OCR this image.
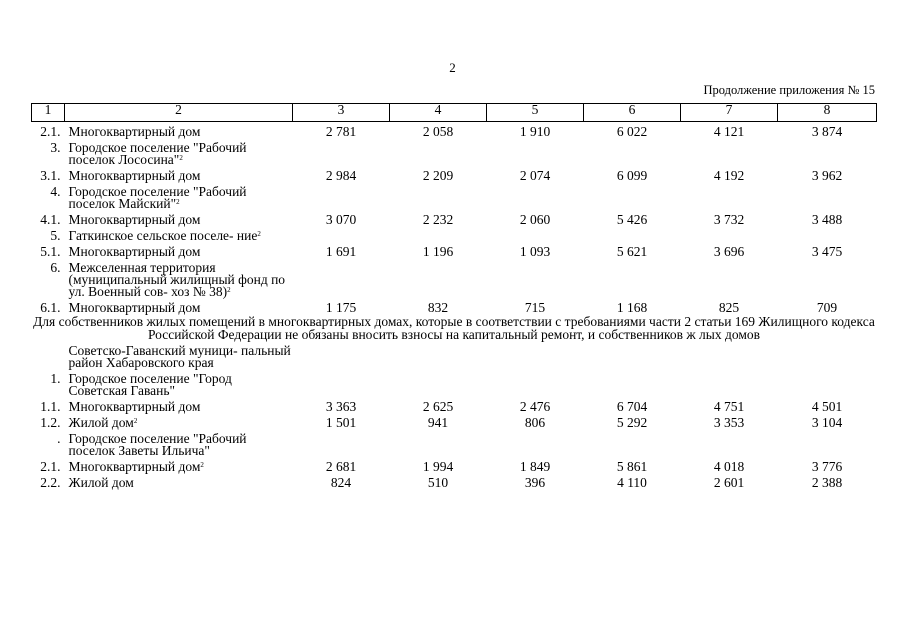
2
Продолжение приложения № 15
1	2	3	4	5	6	7	8
2.1.	Многоквартирный дом	2 781	2 058	1 910	6 022	4 121	3 874
3.	Городское поселение "Рабочий поселок Лососина"$^2$						
3.1.	Многоквартирный дом	2 984	2 209	2 074	6 099	4 192	3 962
4.	Городское поселение "Рабочий поселок Майский"$^2$						
4.1.	Многоквартирный дом	3 070	2 232	2 060	5 426	3 732	3 488
5.	Гаткинское сельское поселе- ние$^2$						
5.1.	Многоквартирный дом	1 691	1 196	1 093	5 621	3 696	3 475
6.	Межселенная территория (муниципальный жилищный фонд по ул. Военный сов- хоз № 38)$^2$						
6.1.	Многоквартирный дом	1 175	832	715	1 168	825	709
Для собственников жилых помещений в многоквартирных домах, которые в соответствии с требованиями части 2 статьи 169 Жилищного кодекса Российской Федерации не обязаны вносить взносы на капитальный ремонт, и собственников ж лых домов							
	Советско-Гаванский муници- пальный район Хабаровского края						
1.	Городское поселение "Город Советская Гавань"						
1.1.	Многоквартирный дом	3 363	2 625	2 476	6 704	4 751	4 501
1.2.	Жилой дом$^2$	1 501	941	806	5 292	3 353	3 104
.	Городское поселение "Рабочий поселок Заветы Ильича"						
2.1.	Многоквартирный дом$^2$	2 681	1 994	1 849	5 861	4 018	3 776
2.2.	Жилой дом	824	510	396	4 110	2 601	2 388
